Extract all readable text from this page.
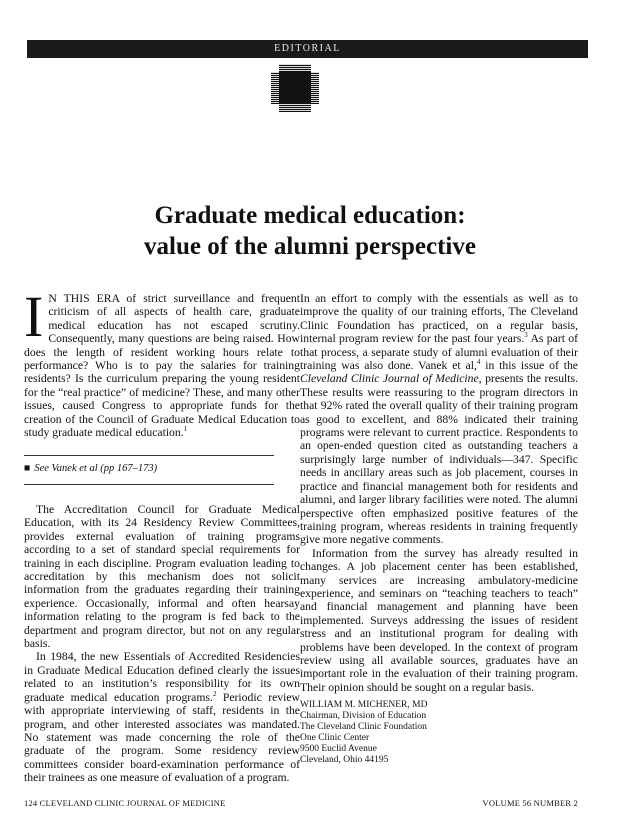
EDITORIAL
Graduate medical education:
value of the alumni perspective

I N THIS ERA of strict surveillance and frequent criticism of all aspects of health care, graduate medical education has not escaped scrutiny. Consequently, many questions are being raised. How does the length of resident working hours relate to performance? Who is to pay the salaries for training residents? Is the curriculum preparing the young resident for the “real practice” of medicine? These, and many other issues, caused Congress to appropriate funds for the creation of the Council of Graduate Medical Education to study graduate medical education.$^1$

■ See Vanek et al (pp 167–173)

The Accreditation Council for Graduate Medical Education, with its 24 Residency Review Committees, provides external evaluation of training programs according to a set of standard special requirements for training in each discipline. Program evaluation leading to accreditation by this mechanism does not solicit information from the graduates regarding their training experience. Occasionally, informal and often hearsay information relating to the program is fed back to the department and program director, but not on any regular basis.

In 1984, the new Essentials of Accredited Residencies in Graduate Medical Education defined clearly the issues related to an institution’s responsibility for its own graduate medical education programs.$^2$ Periodic review with appropriate interviewing of staff, residents in the program, and other interested associates was mandated. No statement was made concerning the role of the graduate of the program. Some residency review committees consider board-examination performance of their trainees as one measure of evaluation of a program.

In an effort to comply with the essentials as well as to improve the quality of our training efforts, The Cleveland Clinic Foundation has practiced, on a regular basis, internal program review for the past four years.$^3$ As part of that process, a separate study of alumni evaluation of their training was also done. Vanek et al,$^4$ in this issue of the Cleveland Clinic Journal of Medicine, presents the results. These results were reassuring to the program directors in that 92% rated the overall quality of their training program as good to excellent, and 88% indicated their training programs were relevant to current practice. Respondents to an open-ended question cited as outstanding teachers a surprisingly large number of individuals—347. Specific needs in ancillary areas such as job placement, courses in practice and financial management both for residents and alumni, and larger library facilities were noted. The alumni perspective often emphasized positive features of the training program, whereas residents in training frequently give more negative comments.

Information from the survey has already resulted in changes. A job placement center has been established, many services are increasing ambulatory-medicine experience, and seminars on “teaching teachers to teach” and financial management and planning have been implemented. Surveys addressing the issues of resident stress and an institutional program for dealing with problems have been developed. In the context of program review using all available sources, graduates have an important role in the evaluation of their training program. Their opinion should be sought on a regular basis.

WILLIAM M. MICHENER, MD
Chairman, Division of Education
The Cleveland Clinic Foundation
One Clinic Center
9500 Euclid Avenue
Cleveland, Ohio 44195
124 CLEVELAND CLINIC JOURNAL OF MEDICINE	VOLUME 56 NUMBER 2
